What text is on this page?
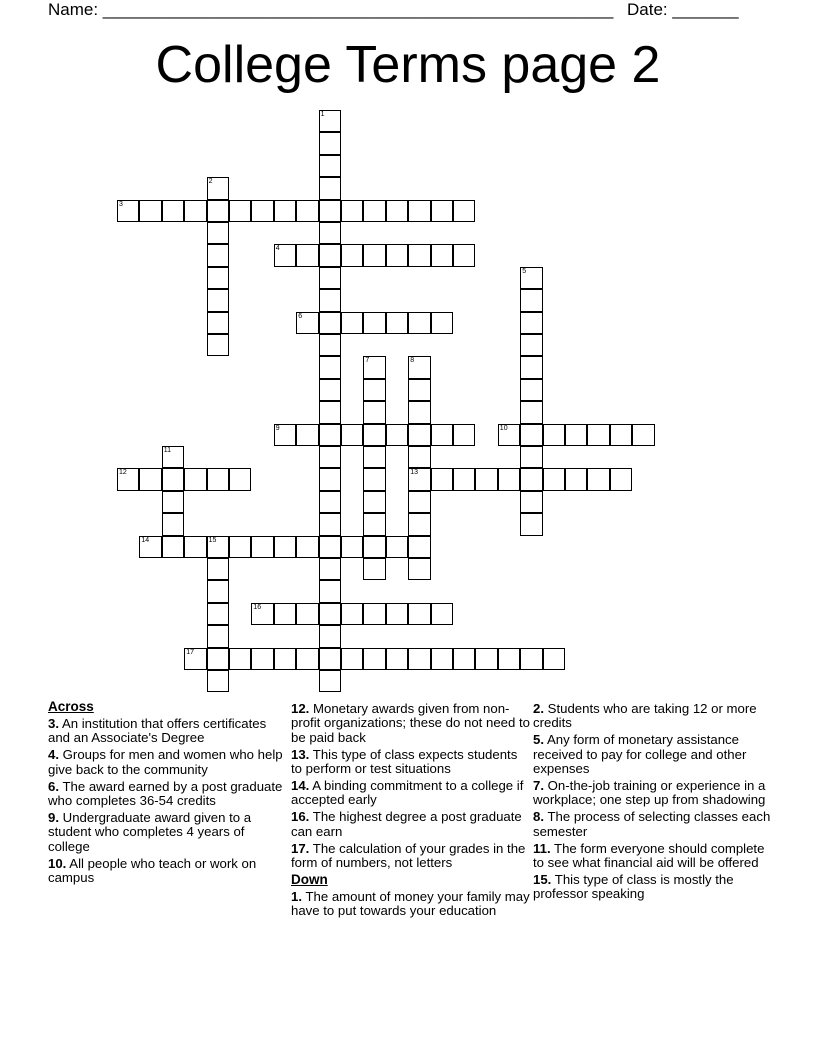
Name: ______________________________________________________ Date: _______
College Terms page 2
1
2
3
4
5
6
7	8
13
9	10
11
12
14	15
16
17

Across

3. An institution that offers certificates and an Associate's Degree

4. Groups for men and women who help give back to the community

6. The award earned by a post graduate who completes 36-54 credits

9. Undergraduate award given to a student who completes 4 years of college

10. All people who teach or work on campus

12. Monetary awards given from non-profit organizations; these do not need to be paid back

13. This type of class expects students to perform or test situations

14. A binding commitment to a college if accepted early

16. The highest degree a post graduate can earn

17. The calculation of your grades in the form of numbers, not letters

Down

1. The amount of money your family may have to put towards your education

2. Students who are taking 12 or more credits

5. Any form of monetary assistance received to pay for college and other expenses

7. On-the-job training or experience in a workplace; one step up from shadowing

8. The process of selecting classes each semester

11. The form everyone should complete to see what financial aid will be offered

15. This type of class is mostly the professor speaking
